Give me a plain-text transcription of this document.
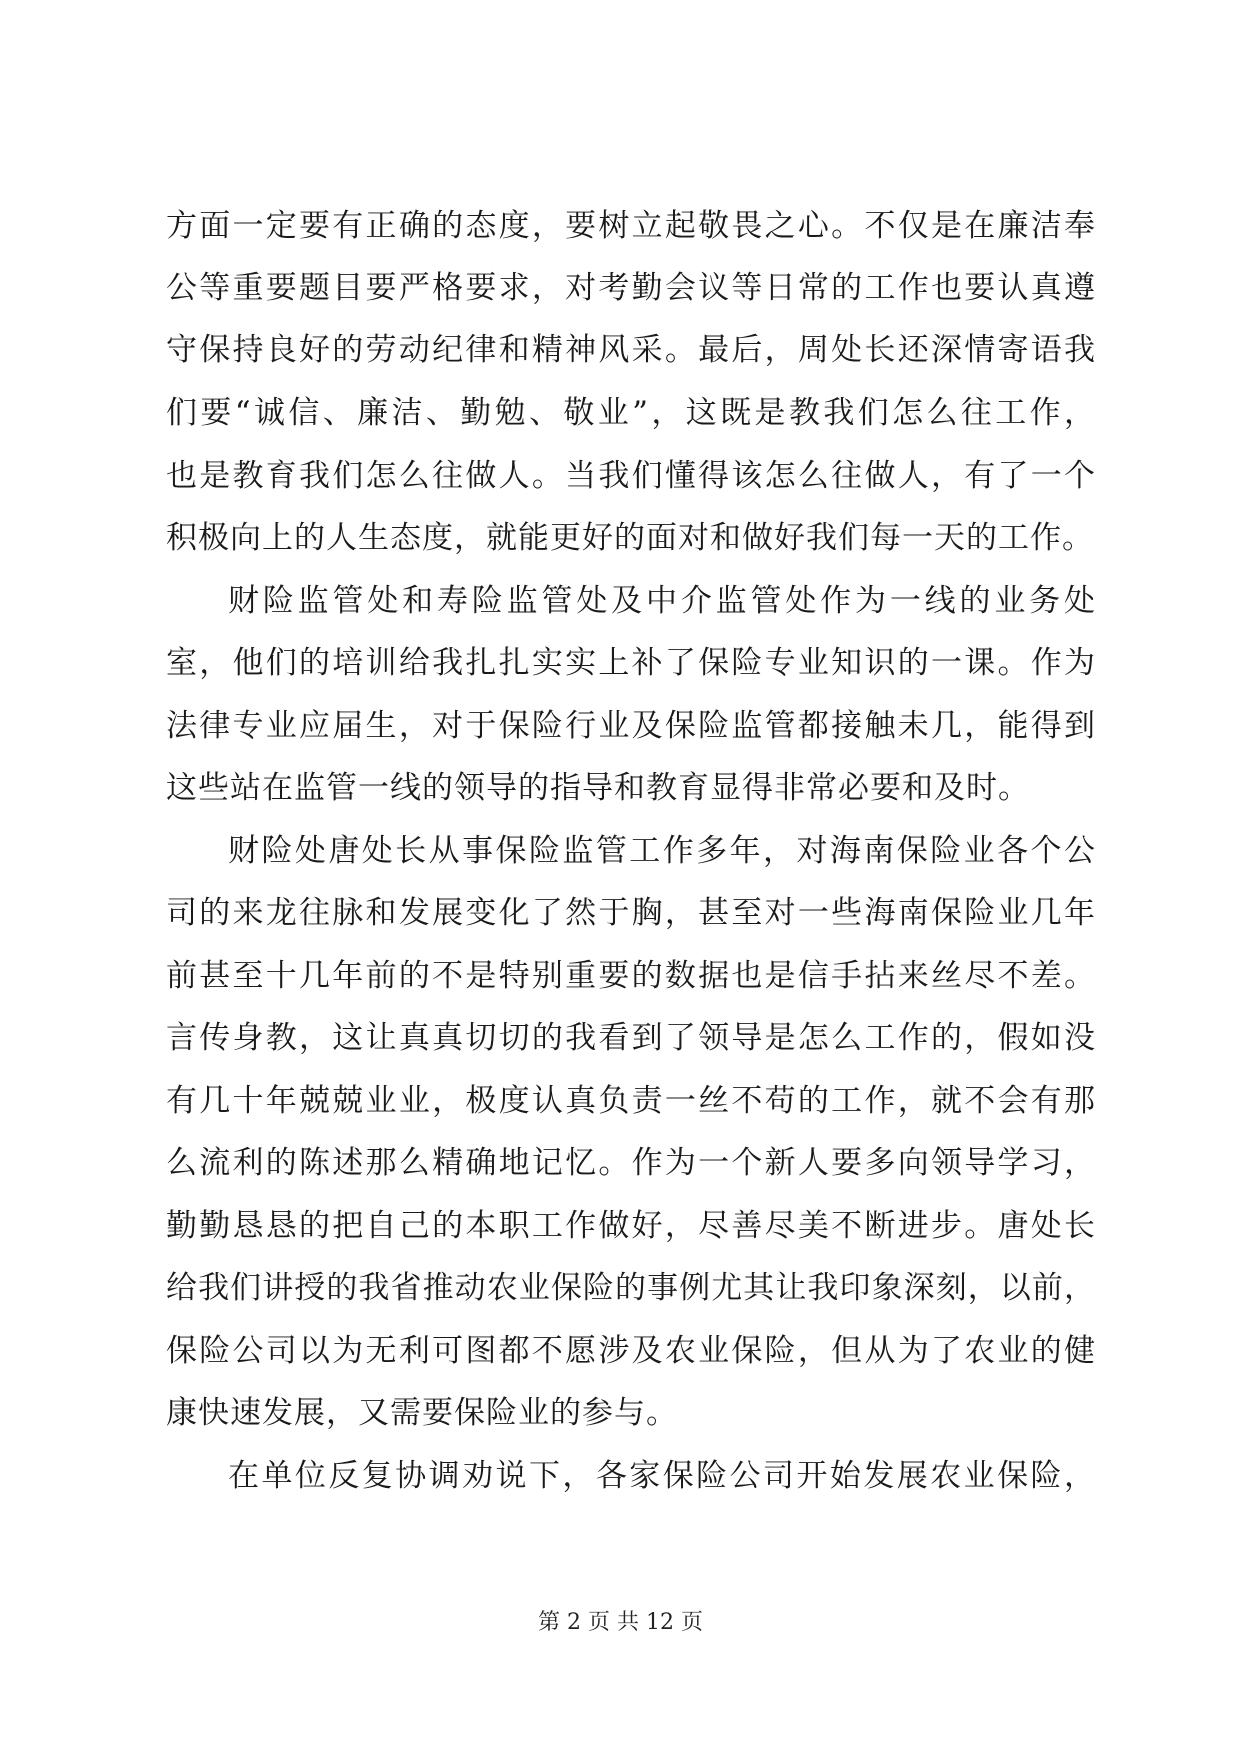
方面一定要有正确的态度，要树立起敬畏之心。不仅是在廉洁奉
公等重要题目要严格要求，对考勤会议等日常的工作也要认真遵
守保持良好的劳动纪律和精神风采。最后，周处长还深情寄语我
们要“诚信、廉洁、勤勉、敬业”，这既是教我们怎么往工作，
也是教育我们怎么往做人。当我们懂得该怎么往做人，有了一个
积极向上的人生态度，就能更好的面对和做好我们每一天的工作。
财险监管处和寿险监管处及中介监管处作为一线的业务处
室，他们的培训给我扎扎实实上补了保险专业知识的一课。作为
法律专业应届生，对于保险行业及保险监管都接触未几，能得到
这些站在监管一线的领导的指导和教育显得非常必要和及时。
财险处唐处长从事保险监管工作多年，对海南保险业各个公
司的来龙往脉和发展变化了然于胸，甚至对一些海南保险业几年
前甚至十几年前的不是特别重要的数据也是信手拈来丝尽不差。
言传身教，这让真真切切的我看到了领导是怎么工作的，假如没
有几十年兢兢业业，极度认真负责一丝不苟的工作，就不会有那
么流利的陈述那么精确地记忆。作为一个新人要多向领导学习，
勤勤恳恳的把自己的本职工作做好，尽善尽美不断进步。唐处长
给我们讲授的我省推动农业保险的事例尤其让我印象深刻，以前，
保险公司以为无利可图都不愿涉及农业保险，但从为了农业的健
康快速发展，又需要保险业的参与。
在单位反复协调劝说下，各家保险公司开始发展农业保险，
第 2 页 共 12 页
